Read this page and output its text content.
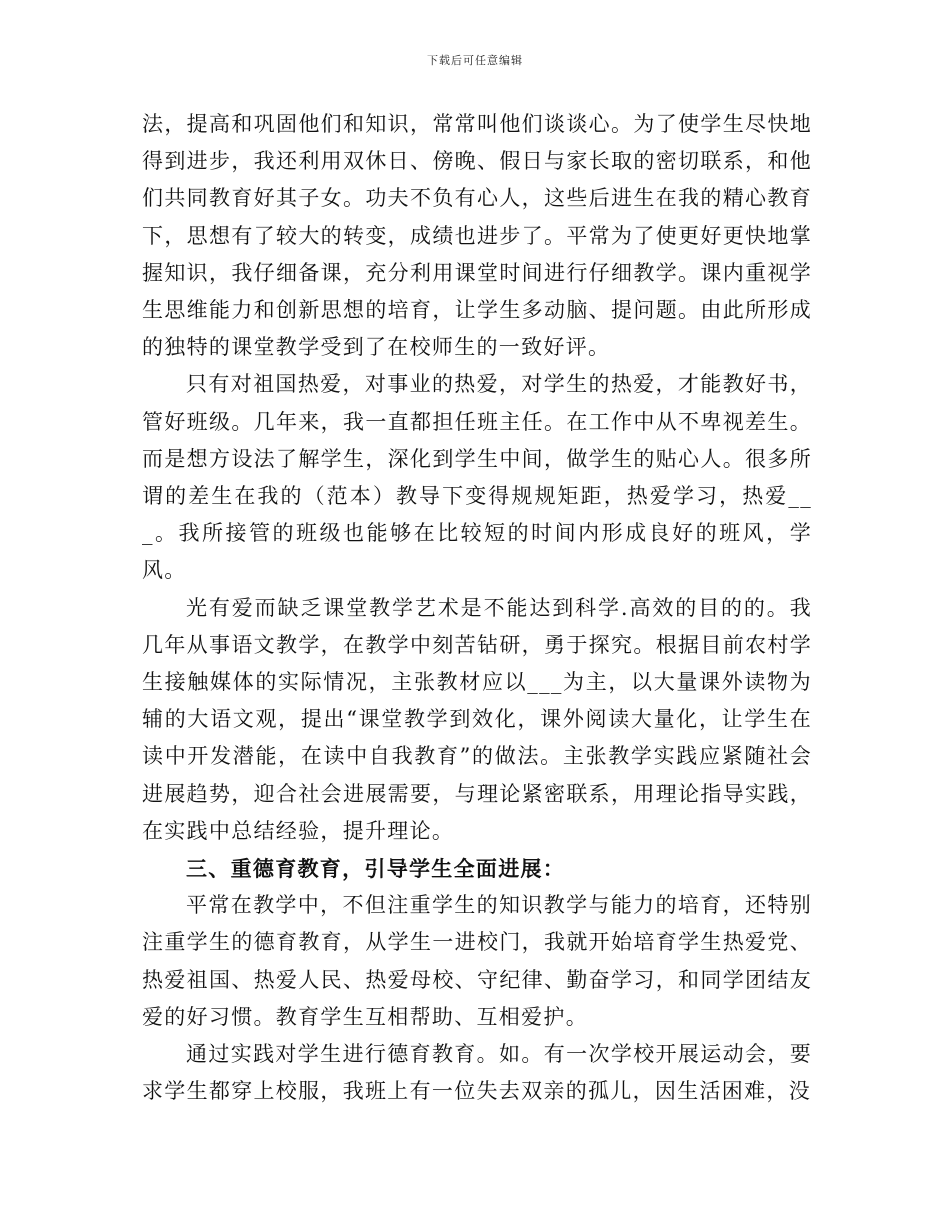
下载后可任意编辑

法，提高和巩固他们和知识，常常叫他们谈谈心。为了使学生尽快地得到进步，我还利用双休日、傍晚、假日与家长取的密切联系，和他们共同教育好其子女。功夫不负有心人，这些后进生在我的精心教育下，思想有了较大的转变，成绩也进步了。平常为了使更好更快地掌握知识，我仔细备课，充分利用课堂时间进行仔细教学。课内重视学生思维能力和创新思想的培育，让学生多动脑、提问题。由此所形成的独特的课堂教学受到了在校师生的一致好评。

只有对祖国热爱，对事业的热爱，对学生的热爱，才能教好书，管好班级。几年来，我一直都担任班主任。在工作中从不卑视差生。而是想方设法了解学生，深化到学生中间，做学生的贴心人。很多所谓的差生在我的（范本）教导下变得规规矩距，热爱学习，热爱___。我所接管的班级也能够在比较短的时间内形成良好的班风，学风。

光有爱而缺乏课堂教学艺术是不能达到科学.高效的目的的。我几年从事语文教学，在教学中刻苦钻研，勇于探究。根据目前农村学生接触媒体的实际情况，主张教材应以___为主，以大量课外读物为辅的大语文观，提出“课堂教学到效化，课外阅读大量化，让学生在读中开发潜能，在读中自我教育”的做法。主张教学实践应紧随社会进展趋势，迎合社会进展需要，与理论紧密联系，用理论指导实践，在实践中总结经验，提升理论。

三、重德育教育，引导学生全面进展：

平常在教学中，不但注重学生的知识教学与能力的培育，还特别注重学生的德育教育，从学生一进校门，我就开始培育学生热爱党、热爱祖国、热爱人民、热爱母校、守纪律、勤奋学习，和同学团结友爱的好习惯。教育学生互相帮助、互相爱护。

通过实践对学生进行德育教育。如。有一次学校开展运动会，要求学生都穿上校服，我班上有一位失去双亲的孤儿，因生活困难，没
